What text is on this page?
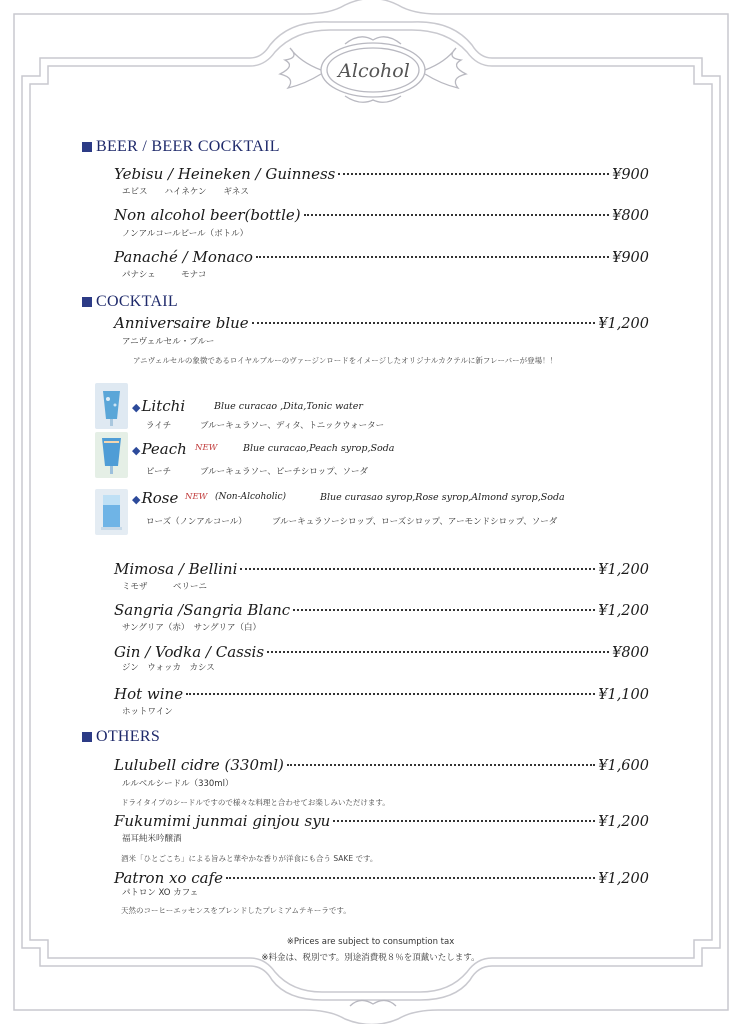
Alcohol
BEER / BEER COCKTAIL
Yebisu / Heineken / Guinness	¥900
エビス　　ハイネケン　　ギネス
Non alcohol beer(bottle)	¥800
ノンアルコールビール（ボトル）
Panaché / Monaco	¥900
パナシェ　　　モナコ
COCKTAIL
Anniversaire blue	¥1,200
アニヴェルセル・ブルー
アニヴェルセルの象徴であるロイヤルブルーのヴァージンロードをイメージしたオリジナルカクテルに新フレーバーが登場！！
◆Litchi	Blue curacao ,Dita,Tonic water
ライチ	ブルーキュラソー、ディタ、トニックウォーター
◆Peach NEW	Blue curacao,Peach syrop,Soda
ピーチ	ブルーキュラソー、ピーチシロップ、ソーダ
◆Rose NEW (Non-Alcoholic)	Blue curasao syrop,Rose syrop,Almond syrop,Soda
ローズ（ノンアルコール）	ブルーキュラソーシロップ、ローズシロップ、アーモンドシロップ、ソーダ
Mimosa / Bellini	¥1,200
ミモザ　　　ベリーニ
Sangria /Sangria Blanc	¥1,200
サングリア（赤）　サングリア（白）
Gin / Vodka / Cassis	¥800
ジン　ウォッカ　カシス
Hot wine	¥1,100
ホットワイン
OTHERS
Lulubell cidre (330ml)	¥1,600
ルルベルシードル（330ml）
ドライタイプのシードルですので様々な料理と合わせてお楽しみいただけます。
Fukumimi junmai ginjou syu	¥1,200
福耳純米吟醸酒
酒米「ひとごこち」による旨みと華やかな香りが洋食にも合う SAKE です。
Patron xo cafe	¥1,200
パトロン XO カフェ
天然のコーヒーエッセンスをブレンドしたプレミアムテキーラです。
※Prices are subject to consumption tax
※料金は、税別です。別途消費税８％を頂戴いたします。
